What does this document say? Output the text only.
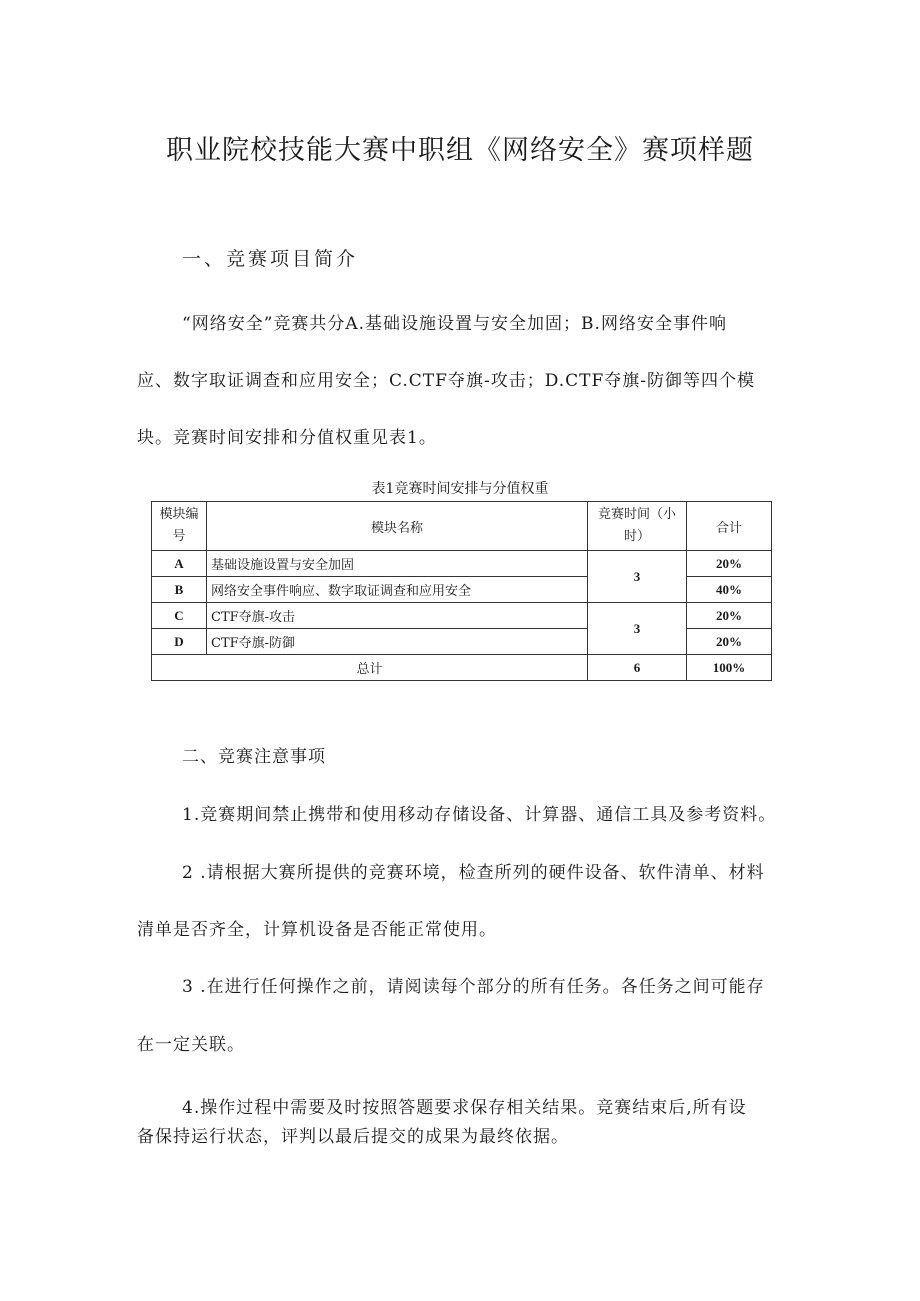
职业院校技能大赛中职组《网络安全》赛项样题
一、竞赛项目简介
“网络安全”竞赛共分A.基础设施设置与安全加固；B.网络安全事件响
应、数字取证调查和应用安全；C.CTF夺旗-攻击；D.CTF夺旗-防御等四个模
块。竞赛时间安排和分值权重见表1。
表1竞赛时间安排与分值权重
模块编
号	模块名称	竞赛时间（小
时）	合计
A	基础设施设置与安全加固	3	20%
B	网络安全事件响应、数字取证调查和应用安全		40%
C	CTF夺旗-攻击	3	20%
D	CTF夺旗-防御		20%
总计		6	100%
二、竞赛注意事项
1.竞赛期间禁止携带和使用移动存储设备、计算器、通信工具及参考资料。
2 .请根据大赛所提供的竞赛环境，检查所列的硬件设备、软件清单、材料
清单是否齐全，计算机设备是否能正常使用。
3 .在进行任何操作之前，请阅读每个部分的所有任务。各任务之间可能存
在一定关联。
4.操作过程中需要及时按照答题要求保存相关结果。竞赛结束后,所有设
备保持运行状态，评判以最后提交的成果为最终依据。
